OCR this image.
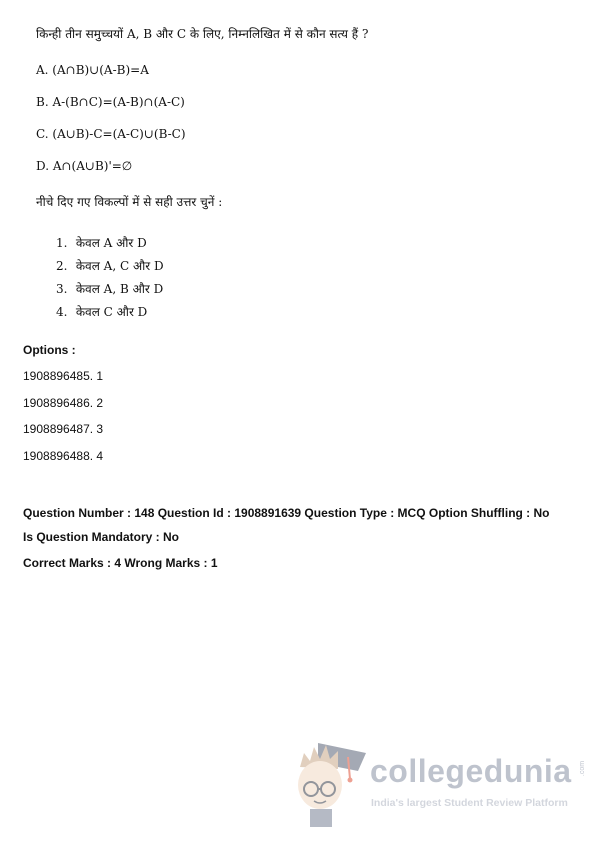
किन्ही तीन समुच्चयों A, B और C के लिए, निम्नलिखित में से कौन सत्य हैं ?
A. (A∩B)∪(A-B)=A
B. A-(B∩C)=(A-B)∩(A-C)
C. (A∪B)-C=(A-C)∪(B-C)
D. A∩(A∪B)'=∅
नीचे दिए गए विकल्पों में से सही उत्तर चुनें :
1. केवल A और D
2. केवल A, C और D
3. केवल A, B और D
4. केवल C और D
Options :
1908896485. 1
1908896486. 2
1908896487. 3
1908896488. 4
Question Number : 148 Question Id : 1908891639 Question Type : MCQ Option Shuffling : No
Is Question Mandatory : No
Correct Marks : 4 Wrong Marks : 1
collegedunia .com
India's largest Student Review Platform
